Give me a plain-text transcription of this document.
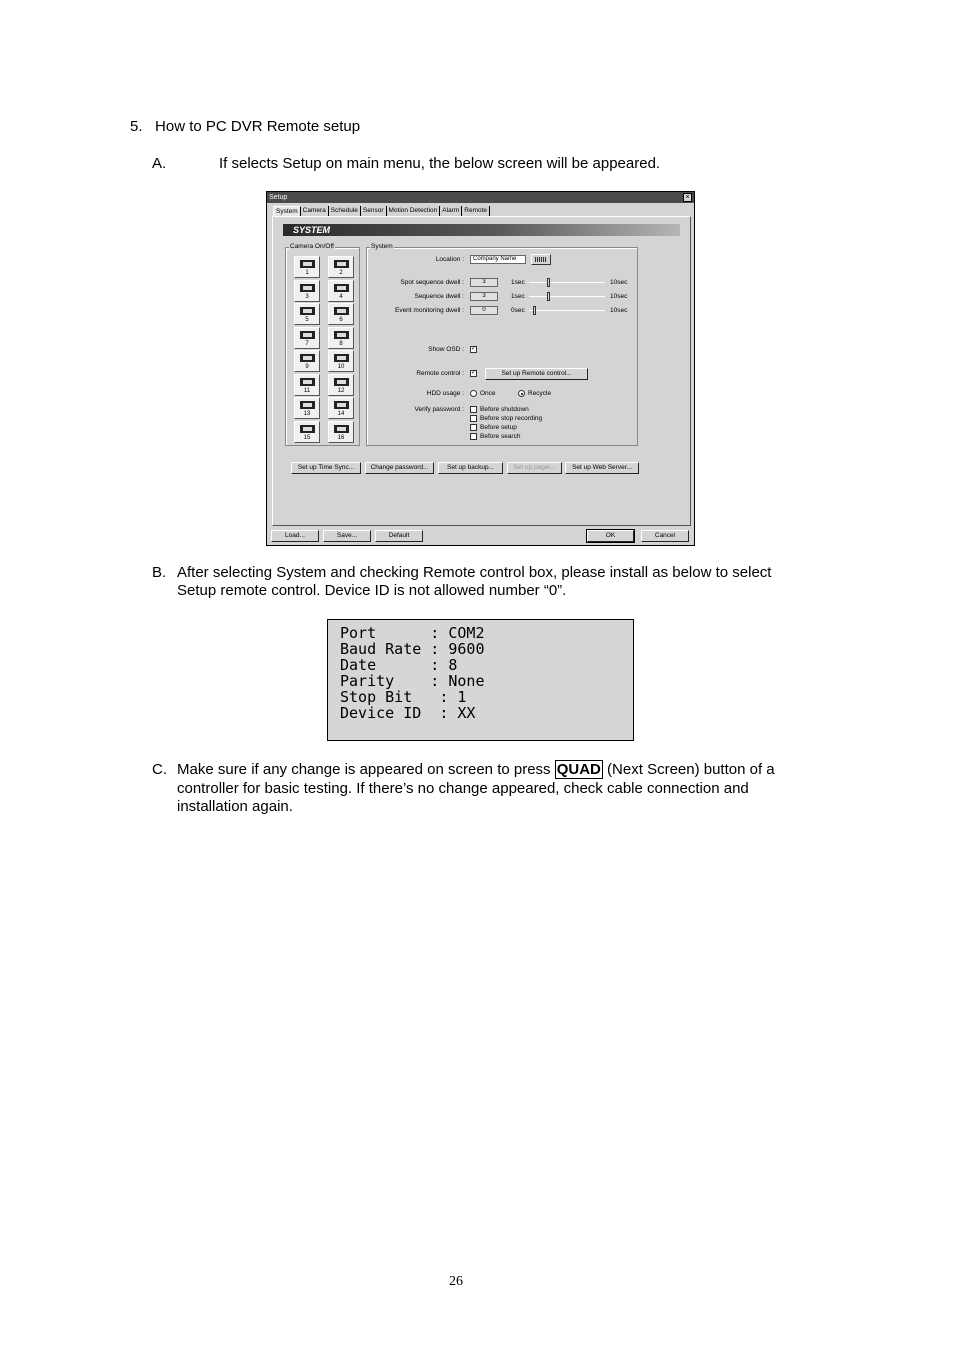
5. How to PC DVR Remote setup
A.	If selects Setup on main menu, the below screen will be appeared.
Setup	×
System Camera Schedule Sensor Motion Detection Alarm Remote
SYSTEM
Camera On/Off
1	2
3	4
5	6
7	8
9	10
11	12
13	14
15	16
System
Location :	Company Name
Spot sequence dwell :	3	1sec	10sec
Sequence dwell :	3	1sec	10sec
Event monitoring dwell :	0	0sec	10sec
Show OSD : ✓
Remote control : ✓	Set up Remote control...
HDD usage : Once	Recycle
Verify password : Before shutdown
Before stop recording
Before setup
Before search
Set up Time Sync...	Change password...	Set up backup...	Set up pager...	Set up Web Server...
Load...	Save...	Default	OK	Cancel
B. After selecting System and checking Remote control box, please install as below to select
Setup remote control. Device ID is not allowed number “0”.
Port      : COM2
Baud Rate : 9600
Date      : 8
Parity    : None
Stop Bit   : 1
Device ID  : XX
C. Make sure if any change is appeared on screen to press QUAD (Next Screen) button of a
controller for basic testing. If there’s no change appeared, check cable connection and
installation again.
26
